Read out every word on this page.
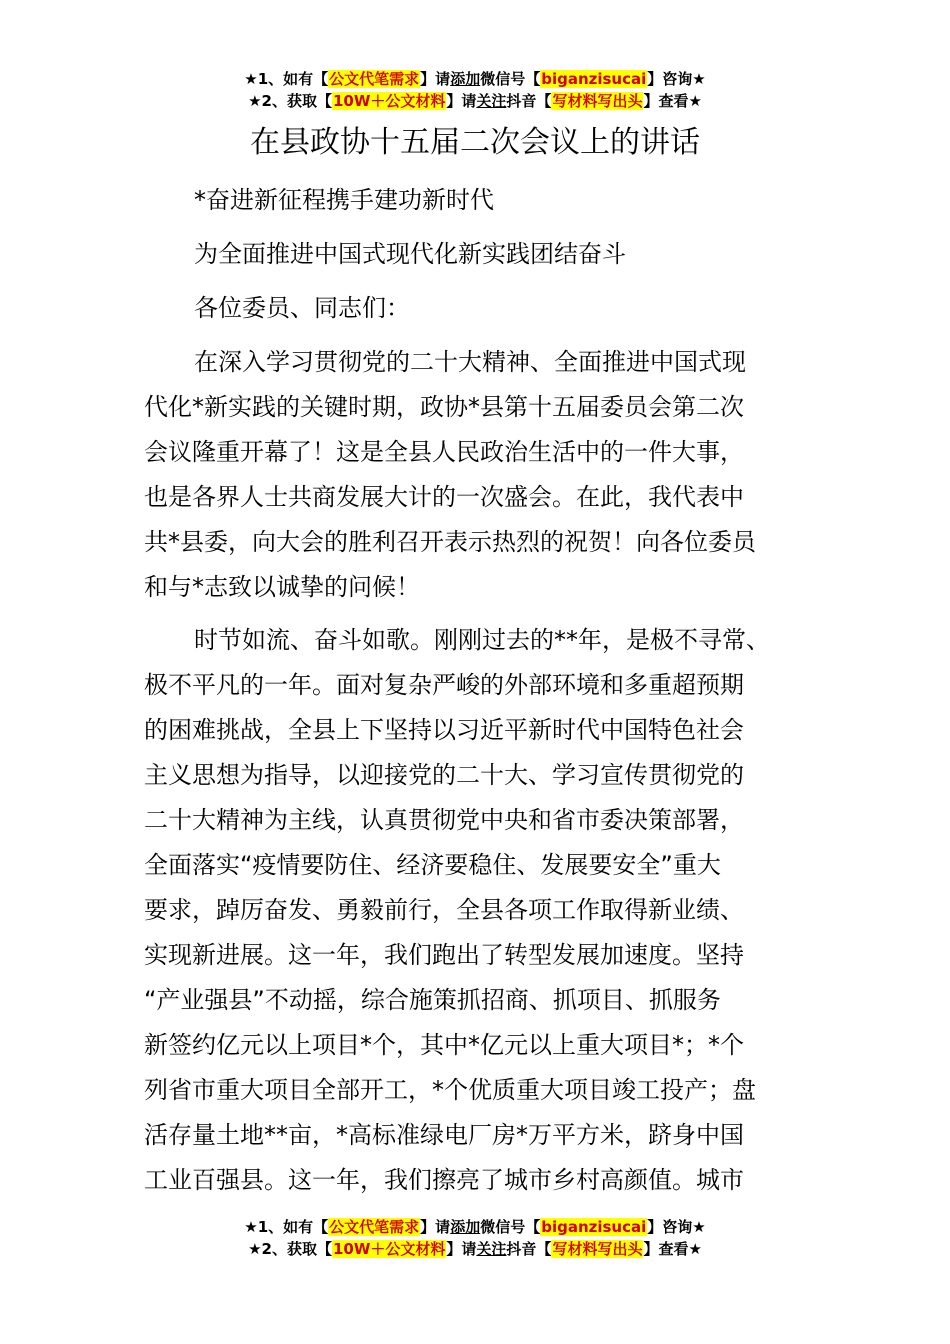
★1、如有【公文代笔需求】请添加微信号【biganzisucai】咨询★
★2、获取【10W＋公文材料】请关注抖音【写材料写出头】查看★
在县政协十五届二次会议上的讲话
*奋进新征程携手建功新时代
为全面推进中国式现代化新实践团结奋斗
各位委员、同志们：
在深入学习贯彻党的二十大精神、全面推进中国式现
代化*新实践的关键时期，政协*县第十五届委员会第二次
会议隆重开幕了！这是全县人民政治生活中的一件大事，
也是各界人士共商发展大计的一次盛会。在此，我代表中
共*县委，向大会的胜利召开表示热烈的祝贺！向各位委员
和与*志致以诚挚的问候！
时节如流、奋斗如歌。刚刚过去的**年，是极不寻常、
极不平凡的一年。面对复杂严峻的外部环境和多重超预期
的困难挑战，全县上下坚持以习近平新时代中国特色社会
主义思想为指导，以迎接党的二十大、学习宣传贯彻党的
二十大精神为主线，认真贯彻党中央和省市委决策部署，
全面落实“疫情要防住、经济要稳住、发展要安全”重大
要求，踔厉奋发、勇毅前行，全县各项工作取得新业绩、
实现新进展。这一年，我们跑出了转型发展加速度。坚持
“产业强县”不动摇，综合施策抓招商、抓项目、抓服务
新签约亿元以上项目*个，其中*亿元以上重大项目*；*个
列省市重大项目全部开工，*个优质重大项目竣工投产；盘
活存量土地**亩，*高标准绿电厂房*万平方米，跻身中国
工业百强县。这一年，我们擦亮了城市乡村高颜值。城市
★1、如有【公文代笔需求】请添加微信号【biganzisucai】咨询★
★2、获取【10W＋公文材料】请关注抖音【写材料写出头】查看★
